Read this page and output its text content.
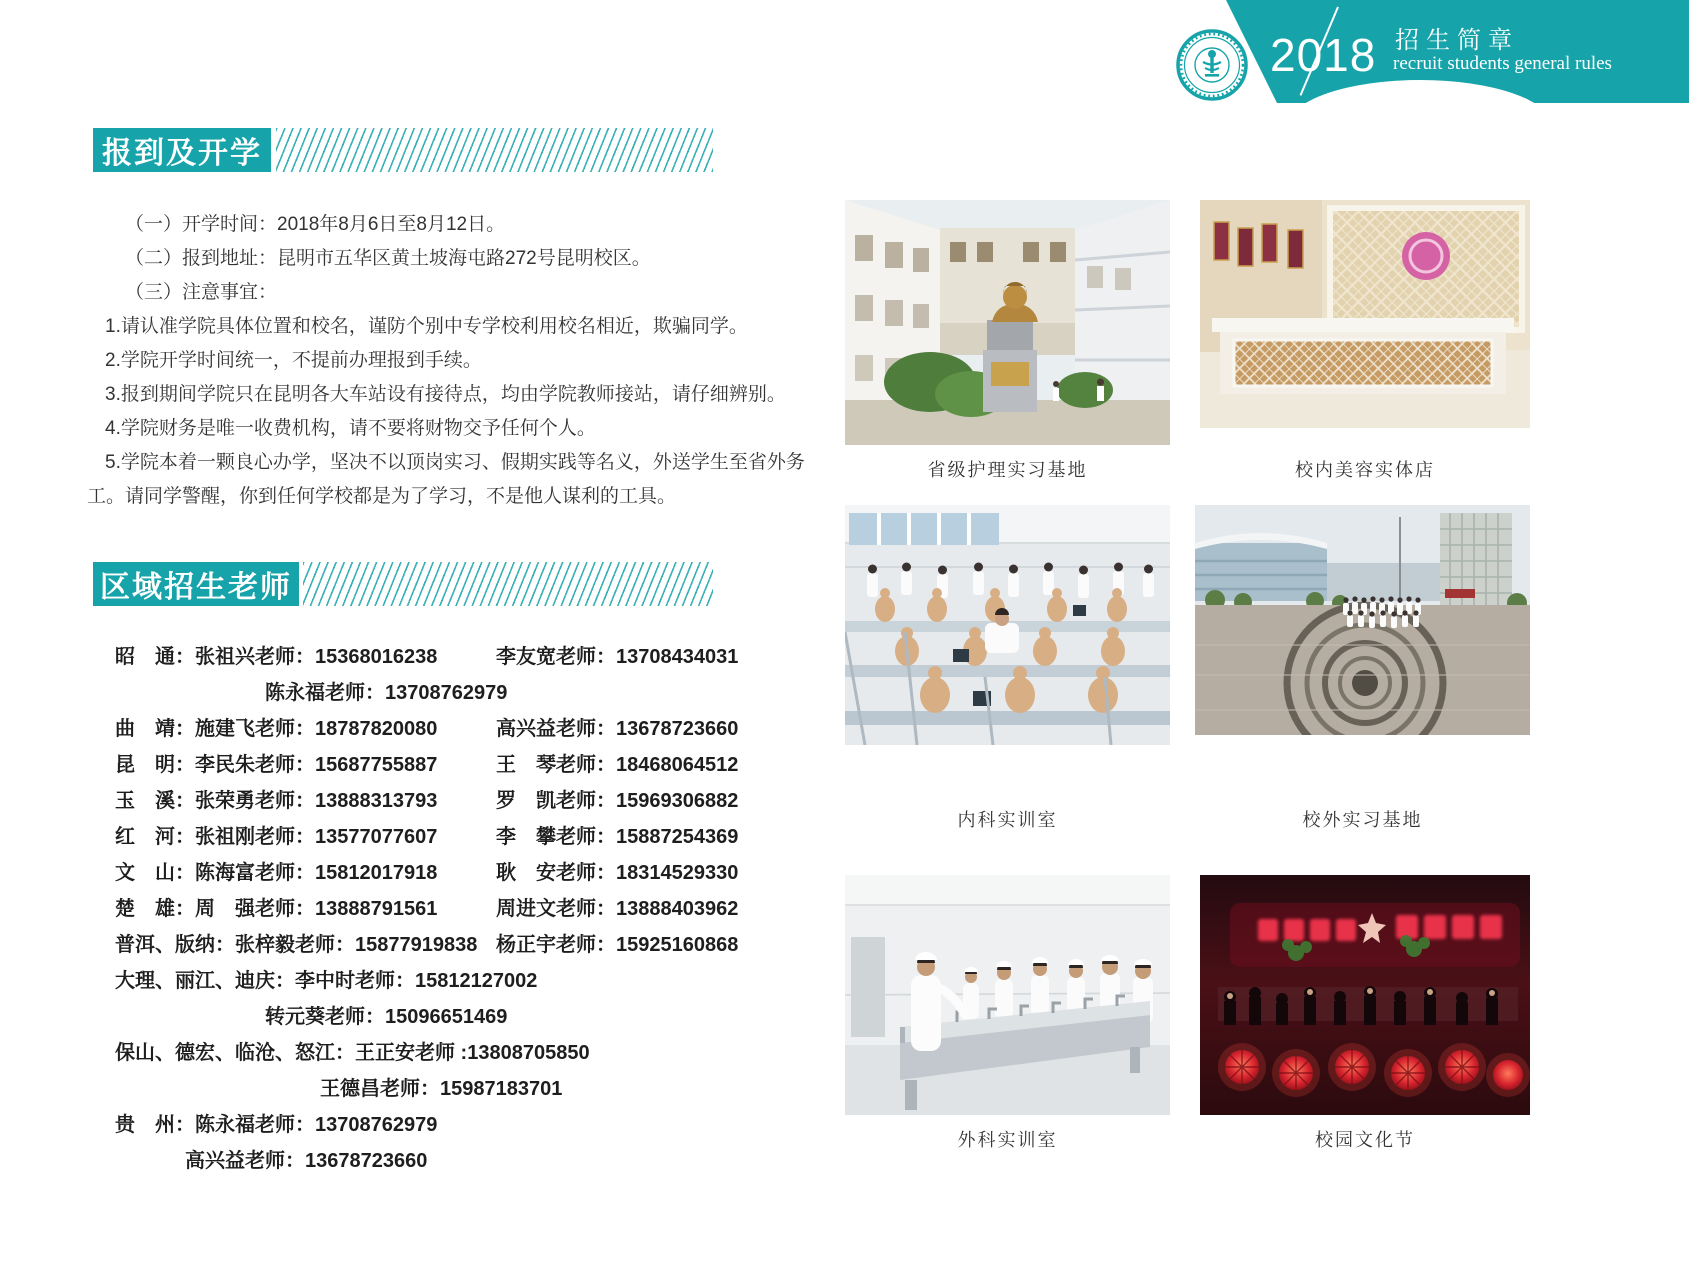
2018 招生简章
recruit students general rules
报到及开学
（一）开学时间：2018年8月6日至8月12日。
（二）报到地址：昆明市五华区黄土坡海屯路272号昆明校区。
（三）注意事宜：
1.请认准学院具体位置和校名，谨防个别中专学校利用校名相近，欺骗同学。
2.学院开学时间统一，不提前办理报到手续。
3.报到期间学院只在昆明各大车站设有接待点，均由学院教师接站，请仔细辨别。
4.学院财务是唯一收费机构，请不要将财物交予任何个人。
5.学院本着一颗良心办学，坚决不以顶岗实习、假期实践等名义，外送学生至省外务
工。请同学警醒，你到任何学校都是为了学习，不是他人谋利的工具。
区域招生老师
昭　通：张祖兴老师：15368016238	李友宽老师：13708434031
陈永福老师：13708762979
曲　靖：施建飞老师：18787820080	高兴益老师：13678723660
昆　明：李民朱老师：15687755887	王　琴老师：18468064512
玉　溪：张荣勇老师：13888313793	罗　凯老师：15969306882
红　河：张祖刚老师：13577077607	李　攀老师：15887254369
文　山：陈海富老师：15812017918	耿　安老师：18314529330
楚　雄：周　强老师：13888791561	周进文老师：13888403962
普洱、版纳：张梓毅老师：15877919838 杨正宇老师：15925160868
大理、丽江、迪庆：李中时老师：15812127002
转元葵老师：15096651469
保山、德宏、临沧、怒江：王正安老师 :13808705850
王德昌老师：15987183701
贵　州：陈永福老师：13708762979
高兴益老师：13678723660
省级护理实习基地	校内美容实体店
内科实训室	校外实习基地
外科实训室	校园文化节
